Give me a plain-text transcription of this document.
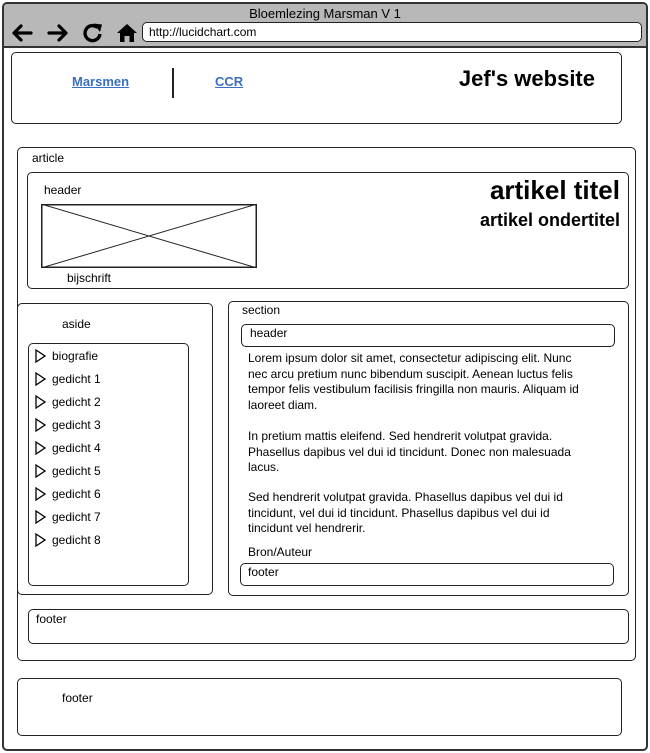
Bloemlezing Marsman V 1
http://lucidchart.com
Marsmen	CCR	Jef's website
article
header
bijschrift
artikel titel
artikel ondertitel
aside
biografie
gedicht 1
gedicht 2
gedicht 3
gedicht 4
gedicht 5
gedicht 6
gedicht 7
gedicht 8
section
header
Lorem ipsum dolor sit amet, consectetur adipiscing elit. Nunc nec arcu pretium nunc bibendum suscipit. Aenean luctus felis tempor felis vestibulum facilisis fringilla non mauris. Aliquam id laoreet diam.
In pretium mattis eleifend. Sed hendrerit volutpat gravida. Phasellus dapibus vel dui id tincidunt. Donec non malesuada lacus.
Sed hendrerit volutpat gravida. Phasellus dapibus vel dui id tincidunt, vel dui id tincidunt. Phasellus dapibus vel dui id tincidunt vel hendrerir.
Bron/Auteur
footer
footer
footer
